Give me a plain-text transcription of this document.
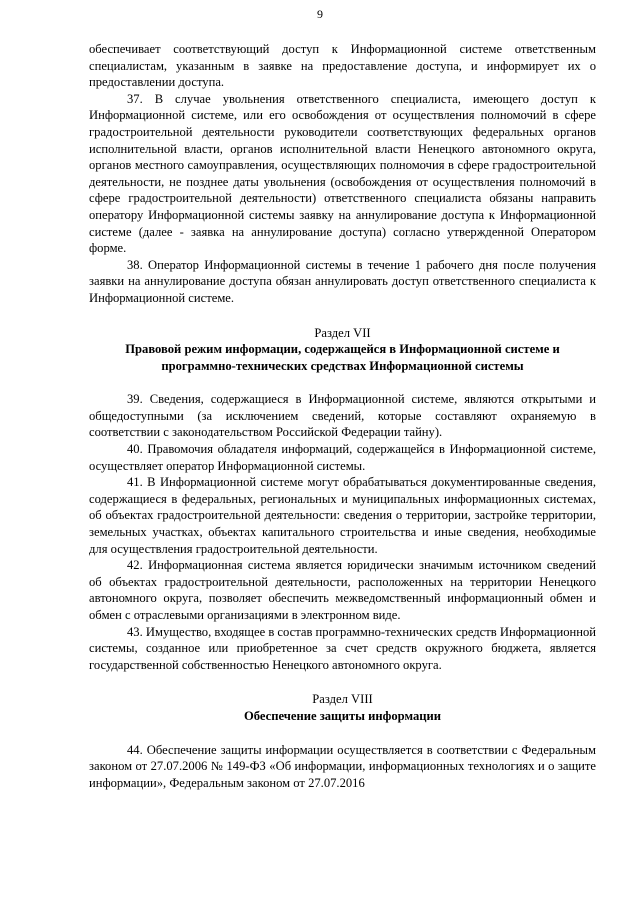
9

обеспечивает соответствующий доступ к Информационной системе ответственным специалистам, указанным в заявке на предоставление доступа, и информирует их о предоставлении доступа.

37. В случае увольнения ответственного специалиста, имеющего доступ к Информационной системе, или его освобождения от осуществления полномочий в сфере градостроительной деятельности руководители соответствующих федеральных органов исполнительной власти, органов исполнительной власти Ненецкого автономного округа, органов местного самоуправления, осуществляющих полномочия в сфере градостроительной деятельности, не позднее даты увольнения (освобождения от осуществления полномочий в сфере градостроительной деятельности) ответственного специалиста обязаны направить оператору Информационной системы заявку на аннулирование доступа к Информационной системе (далее - заявка на аннулирование доступа) согласно утвержденной Оператором форме.

38. Оператор Информационной системы в течение 1 рабочего дня после получения заявки на аннулирование доступа обязан аннулировать доступ ответственного специалиста к Информационной системе.

Раздел VII

Правовой режим информации, содержащейся в Информационной системе и программно-технических средствах Информационной системы

39. Сведения, содержащиеся в Информационной системе, являются открытыми и общедоступными (за исключением сведений, которые составляют охраняемую в соответствии с законодательством Российской Федерации тайну).

40. Правомочия обладателя информаций, содержащейся в Информационной системе, осуществляет оператор Информационной системы.

41. В Информационной системе могут обрабатываться документированные сведения, содержащиеся в федеральных, региональных и муниципальных информационных системах, об объектах градостроительной деятельности: сведения о территории, застройке территории, земельных участках, объектах капитального строительства и иные сведения, необходимые для осуществления градостроительной деятельности.

42. Информационная система является юридически значимым источником сведений об объектах градостроительной деятельности, расположенных на территории Ненецкого автономного округа, позволяет обеспечить межведомственный информационный обмен и обмен с отраслевыми организациями в электронном виде.

43. Имущество, входящее в состав программно-технических средств Информационной системы, созданное или приобретенное за счет средств окружного бюджета, является государственной собственностью Ненецкого автономного округа.

Раздел VIII

Обеспечение защиты информации

44. Обеспечение защиты информации осуществляется в соответствии с Федеральным законом от 27.07.2006 № 149-ФЗ «Об информации, информационных технологиях и о защите информации», Федеральным законом от 27.07.2016
